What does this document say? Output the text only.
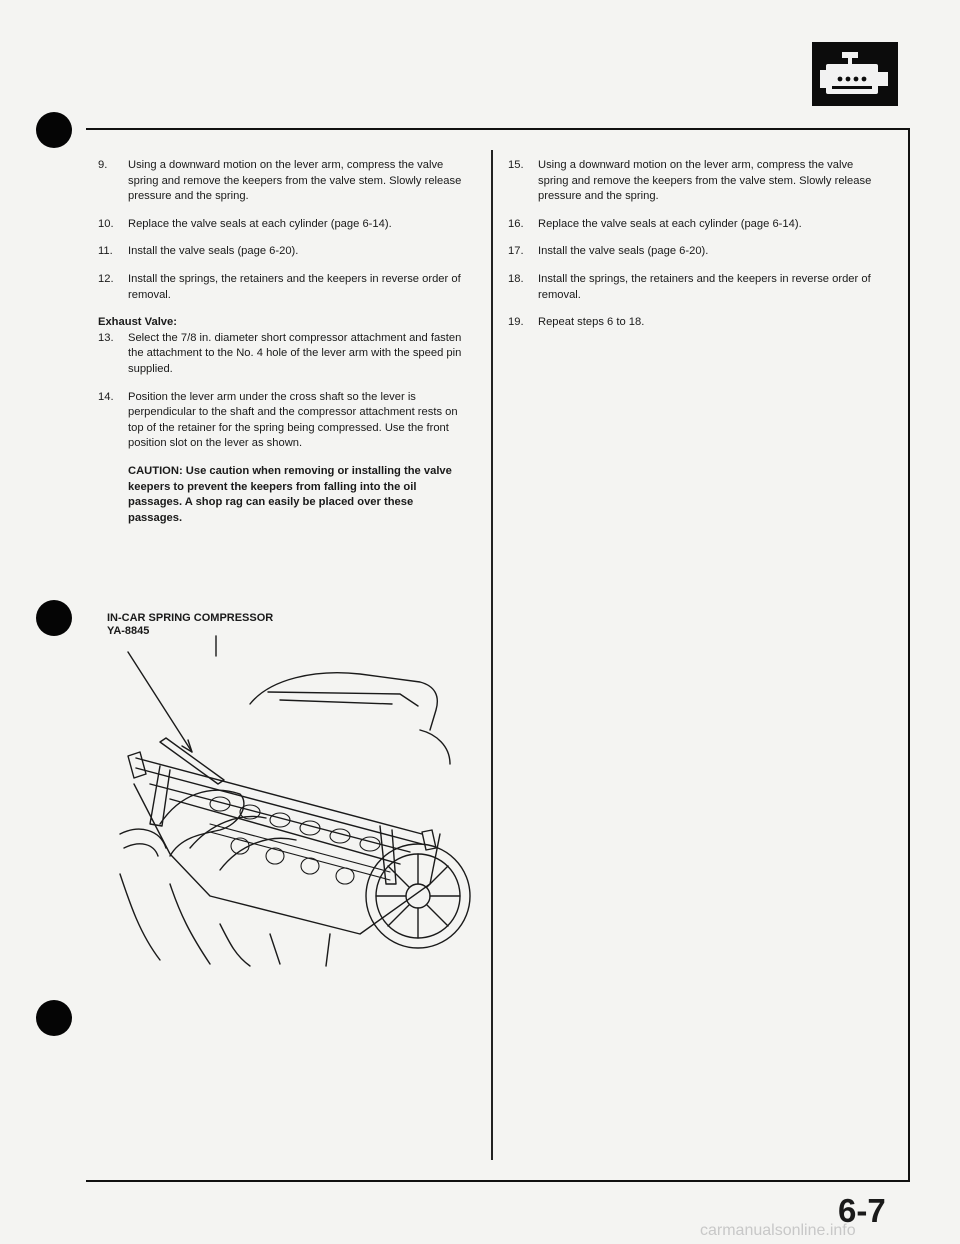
9.	Using a downward motion on the lever arm, compress the valve spring and remove the keepers from the valve stem. Slowly release pressure and the spring.
10.	Replace the valve seals at each cylinder (page 6-14).
11.	Install the valve seals (page 6-20).
12.	Install the springs, the retainers and the keepers in reverse order of removal.
Exhaust Valve:
13.	Select the 7/8 in. diameter short compressor attachment and fasten the attachment to the No. 4 hole of the lever arm with the speed pin supplied.
14.	Position the lever arm under the cross shaft so the lever is perpendicular to the shaft and the compressor attachment rests on top of the retainer for the spring being compressed. Use the front position slot on the lever as shown.
CAUTION: Use caution when removing or installing the valve keepers to prevent the keepers from falling into the oil passages. A shop rag can easily be placed over these passages.
15.	Using a downward motion on the lever arm, compress the valve spring and remove the keepers from the valve stem. Slowly release pressure and the spring.
16.	Replace the valve seals at each cylinder (page 6-14).
17.	Install the valve seals (page 6-20).
18.	Install the springs, the retainers and the keepers in reverse order of removal.
19.	Repeat steps 6 to 18.
IN-CAR SPRING COMPRESSOR
YA-8845
6-7
carmanualsonline.info
